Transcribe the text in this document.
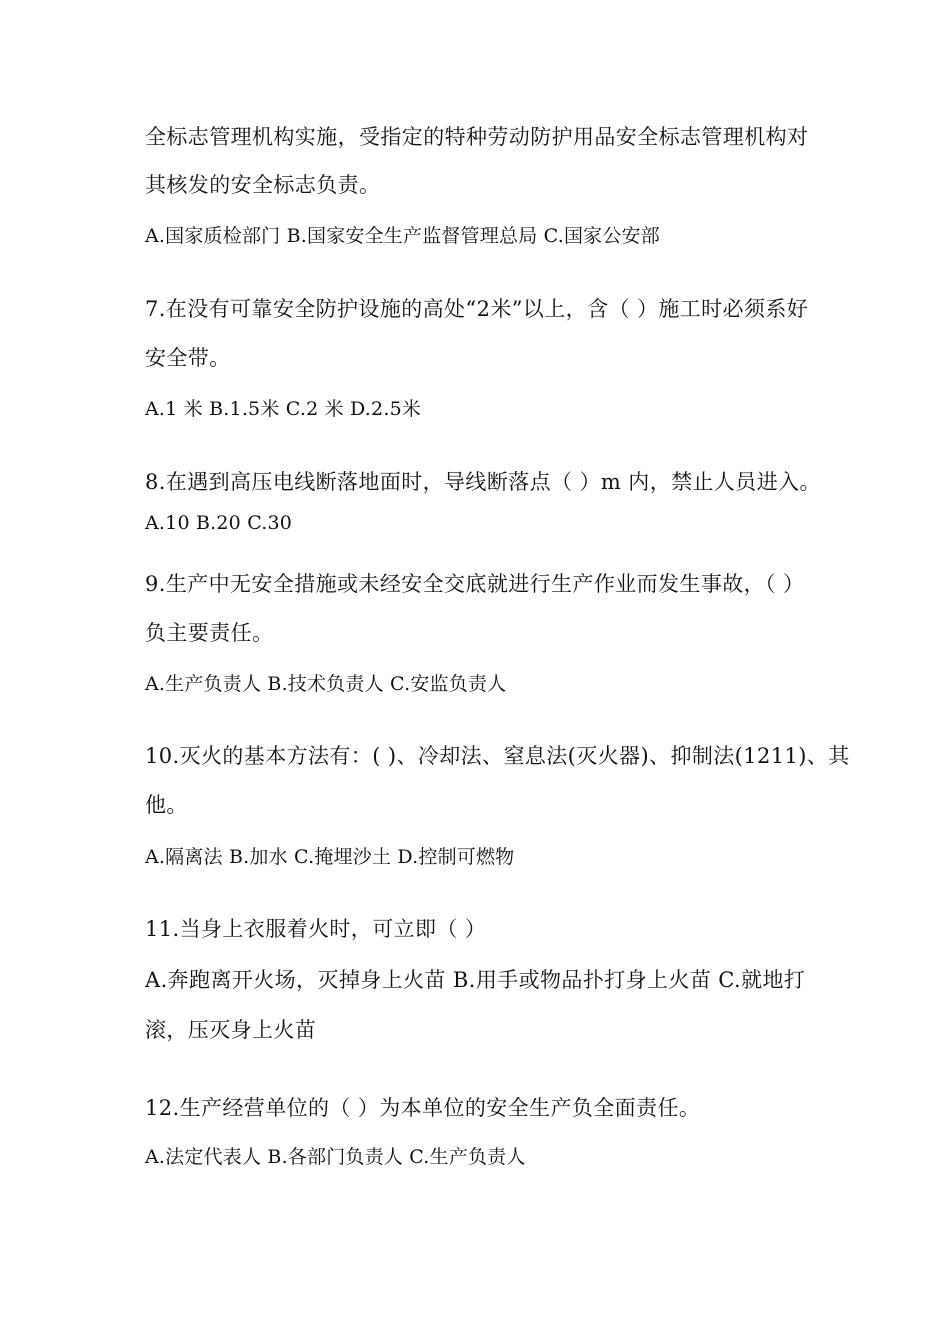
全标志管理机构实施，受指定的特种劳动防护用品安全标志管理机构对
其核发的安全标志负责。
A.国家质检部门 B.国家安全生产监督管理总局 C.国家公安部
7.在没有可靠安全防护设施的高处“2米”以上，含（ ）施工时必须系好
安全带。
A.1 米 B.1.5米 C.2 米 D.2.5米
8.在遇到高压电线断落地面时，导线断落点（ ）m 内，禁止人员进入。
A.10 B.20 C.30
9.生产中无安全措施或未经安全交底就进行生产作业而发生事故，（ ）
负主要责任。
A.生产负责人 B.技术负责人 C.安监负责人
10.灭火的基本方法有：( )、冷却法、窒息法(灭火器)、抑制法(1211)、其
他。
A.隔离法 B.加水 C.掩埋沙土 D.控制可燃物
11.当身上衣服着火时，可立即（ ）
A.奔跑离开火场，灭掉身上火苗 B.用手或物品扑打身上火苗 C.就地打
滚，压灭身上火苗
12.生产经营单位的（ ）为本单位的安全生产负全面责任。
A.法定代表人 B.各部门负责人 C.生产负责人
